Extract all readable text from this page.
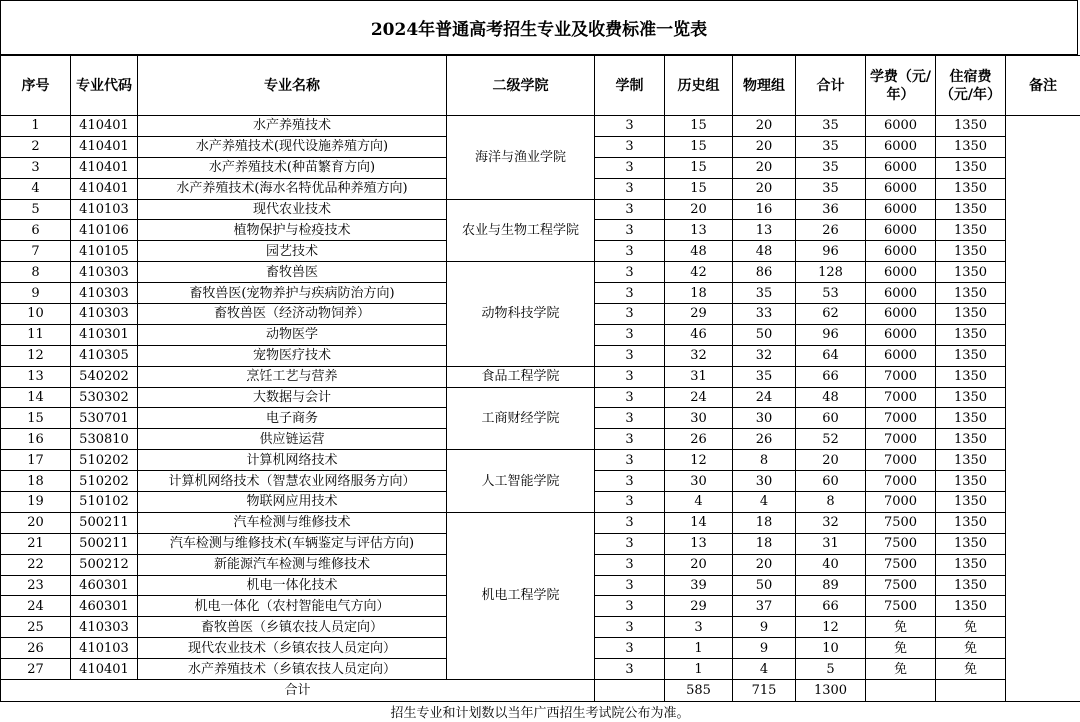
2024年普通高考招生专业及收费标准一览表
序号	专业代码	专业名称	二级学院	学制	历史组	物理组	合计	学费（元/年）	住宿费（元/年）	备注
1	410401	水产养殖技术	海洋与渔业学院	3	15	20	35	6000	1350	
2	410401	水产养殖技术(现代设施养殖方向)		3	15	20	35	6000	1350	
3	410401	水产养殖技术(种苗繁育方向)		3	15	20	35	6000	1350	
4	410401	水产养殖技术(海水名特优品种养殖方向)		3	15	20	35	6000	1350	
5	410103	现代农业技术	农业与生物工程学院	3	20	16	36	6000	1350	
6	410106	植物保护与检疫技术		3	13	13	26	6000	1350	
7	410105	园艺技术		3	48	48	96	6000	1350	
8	410303	畜牧兽医	动物科技学院	3	42	86	128	6000	1350	
9	410303	畜牧兽医(宠物养护与疾病防治方向)		3	18	35	53	6000	1350	
10	410303	畜牧兽医（经济动物饲养）		3	29	33	62	6000	1350	
11	410301	动物医学		3	46	50	96	6000	1350	
12	410305	宠物医疗技术		3	32	32	64	6000	1350	
13	540202	烹饪工艺与营养	食品工程学院	3	31	35	66	7000	1350	
14	530302	大数据与会计	工商财经学院	3	24	24	48	7000	1350	
15	530701	电子商务		3	30	30	60	7000	1350	
16	530810	供应链运营		3	26	26	52	7000	1350	
17	510202	计算机网络技术	人工智能学院	3	12	8	20	7000	1350	
18	510202	计算机网络技术（智慧农业网络服务方向）		3	30	30	60	7000	1350	
19	510102	物联网应用技术		3	4	4	8	7000	1350	
20	500211	汽车检测与维修技术	机电工程学院	3	14	18	32	7500	1350	
21	500211	汽车检测与维修技术(车辆鉴定与评估方向)		3	13	18	31	7500	1350	
22	500212	新能源汽车检测与维修技术		3	20	20	40	7500	1350	
23	460301	机电一体化技术		3	39	50	89	7500	1350	
24	460301	机电一体化（农村智能电气方向）		3	29	37	66	7500	1350	
25	410303	畜牧兽医（乡镇农技人员定向）		3	3	9	12	免	免	
26	410103	现代农业技术（乡镇农技人员定向）		3	1	9	10	免	免	
27	410401	水产养殖技术（乡镇农技人员定向）		3	1	4	5	免	免	
合计					585	715	1300			
招生专业和计划数以当年广西招生考试院公布为准。
